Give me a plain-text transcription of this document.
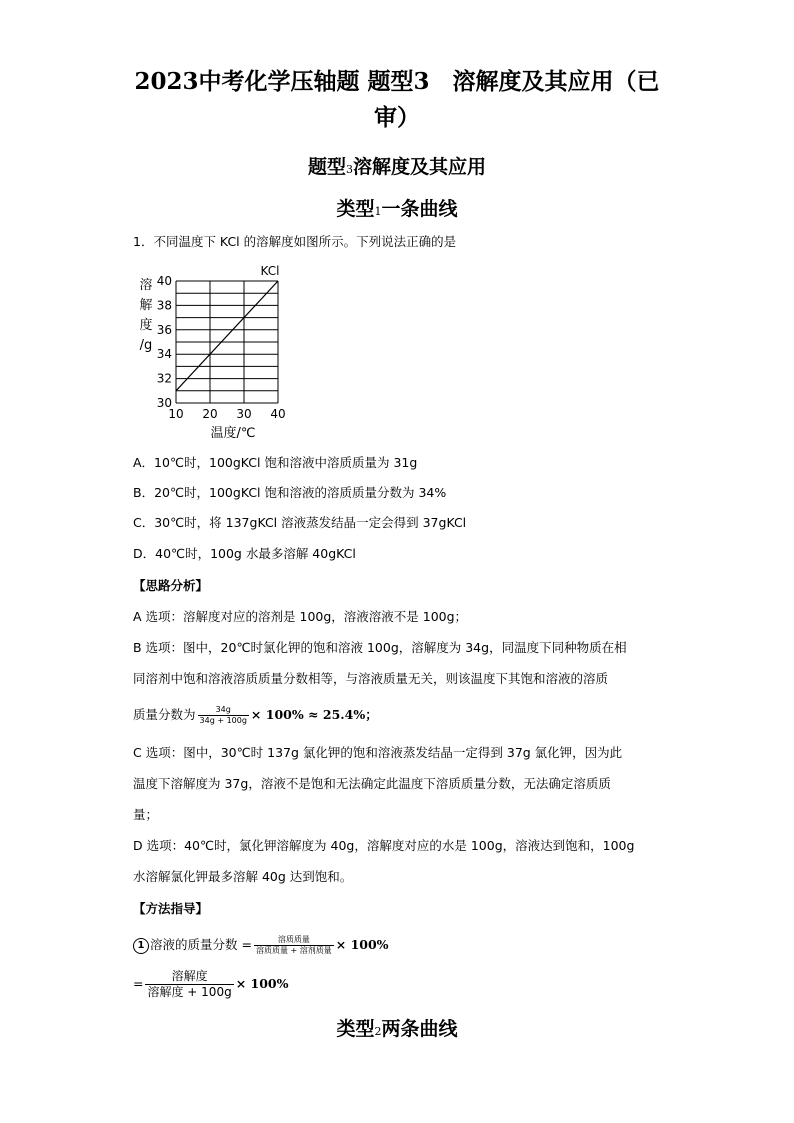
2023中考化学压轴题 题型3　溶解度及其应用（已
审）
题型3溶解度及其应用
类型1一条曲线
1．不同温度下 KCl 的溶解度如图所示。下列说法正确的是
10 20 30 40
30
32
34
36
38
40
溶
解
度
/g
温度/℃
KCl
A．10℃时，100gKCl 饱和溶液中溶质质量为 31g
B．20℃时，100gKCl 饱和溶液的溶质质量分数为 34%
C．30℃时，将 137gKCl 溶液蒸发结晶一定会得到 37gKCl
D．40℃时，100g 水最多溶解 40gKCl
【思路分析】
A 选项：溶解度对应的溶剂是 100g，溶液溶液不是 100g；
B 选项：图中，20℃时氯化钾的饱和溶液 100g，溶解度为 34g，同温度下同种物质在相
同溶剂中饱和溶液溶质质量分数相等，与溶液质量无关，则该温度下其饱和溶液的溶质
质量分数为 $\frac{34g}{34g + 100g} \times 100\% \approx 25.4\%$；
C 选项：图中，30℃时 137g 氯化钾的饱和溶液蒸发结晶一定得到 37g 氯化钾，因为此
温度下溶解度为 37g，溶液不是饱和无法确定此温度下溶质质量分数，无法确定溶质质
量；
D 选项：40℃时，氯化钾溶解度为 40g，溶解度对应的水是 100g，溶液达到饱和，100g
水溶解氯化钾最多溶解 40g 达到饱和。
【方法指导】
1 溶液的质量分数 = $\frac{\text{溶质质量}}{\text{溶质质量 + 溶剂质量}} \times 100\%$
= $\frac{\text{溶解度}}{\text{溶解度 + 100g}} \times 100\%$
类型2两条曲线
